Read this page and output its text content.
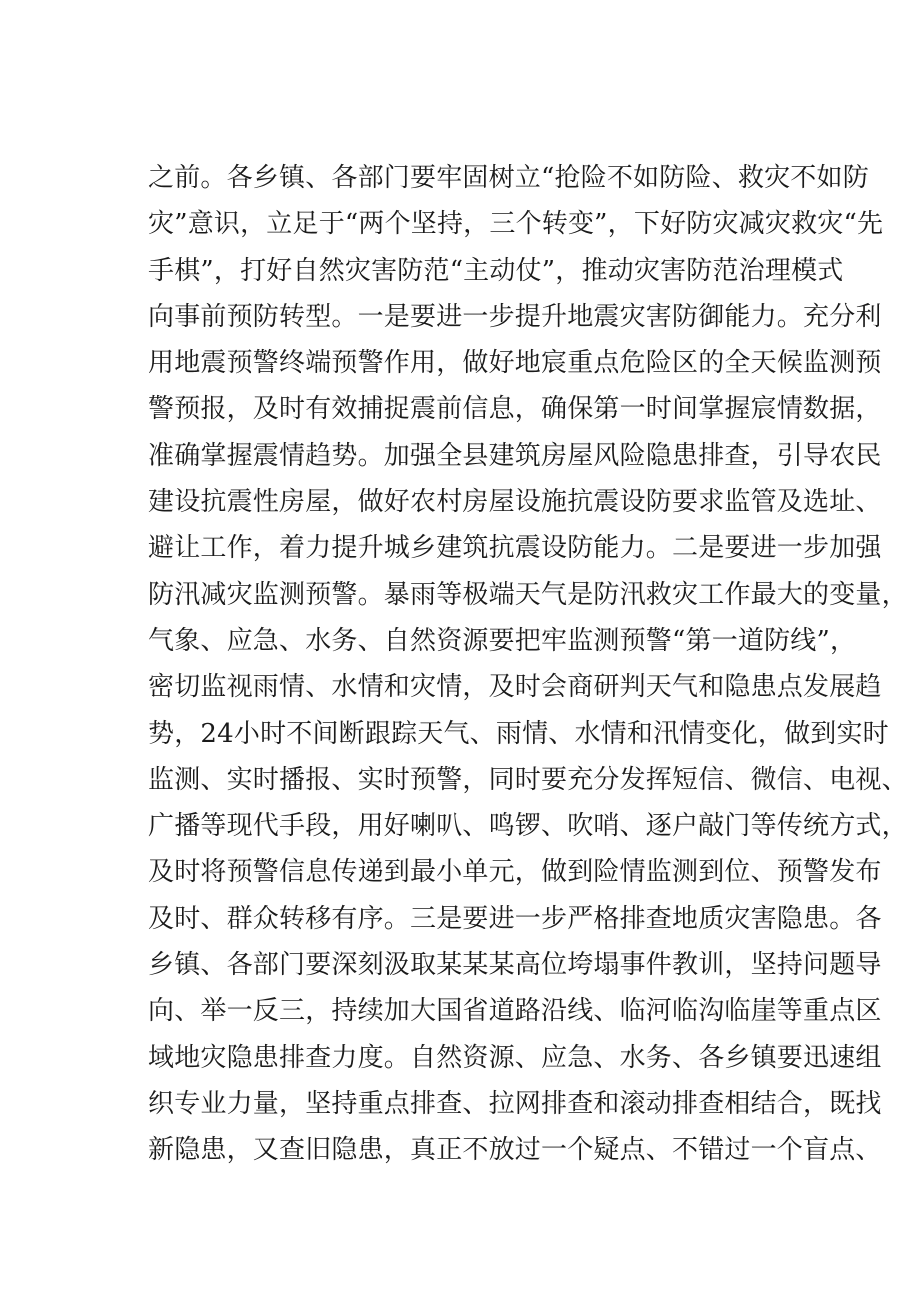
之前。各乡镇、各部门要牢固树立“抢险不如防险、救灾不如防
灾”意识，立足于“两个坚持，三个转变”，下好防灾减灾救灾“先
手棋”，打好自然灾害防范“主动仗”，推动灾害防范治理模式
向事前预防转型。一是要进一步提升地震灾害防御能力。充分利
用地震预警终端预警作用，做好地宸重点危险区的全天候监测预
警预报，及时有效捕捉震前信息，确保第一时间掌握宸情数据，
准确掌握震情趋势。加强全县建筑房屋风险隐患排查，引导农民
建设抗震性房屋，做好农村房屋设施抗震设防要求监管及选址、
避让工作，着力提升城乡建筑抗震设防能力。二是要进一步加强
防汛减灾监测预警。暴雨等极端天气是防汛救灾工作最大的变量，
气象、应急、水务、自然资源要把牢监测预警“第一道防线”，
密切监视雨情、水情和灾情，及时会商研判天气和隐患点发展趋
势，24小时不间断跟踪天气、雨情、水情和汛情变化，做到实时
监测、实时播报、实时预警，同时要充分发挥短信、微信、电视、
广播等现代手段，用好喇叭、鸣锣、吹哨、逐户敲门等传统方式，
及时将预警信息传递到最小单元，做到险情监测到位、预警发布
及时、群众转移有序。三是要进一步严格排查地质灾害隐患。各
乡镇、各部门要深刻汲取某某某高位垮塌事件教训，坚持问题导
向、举一反三，持续加大国省道路沿线、临河临沟临崖等重点区
域地灾隐患排查力度。自然资源、应急、水务、各乡镇要迅速组
织专业力量，坚持重点排查、拉网排查和滚动排查相结合，既找
新隐患，又查旧隐患，真正不放过一个疑点、不错过一个盲点、
